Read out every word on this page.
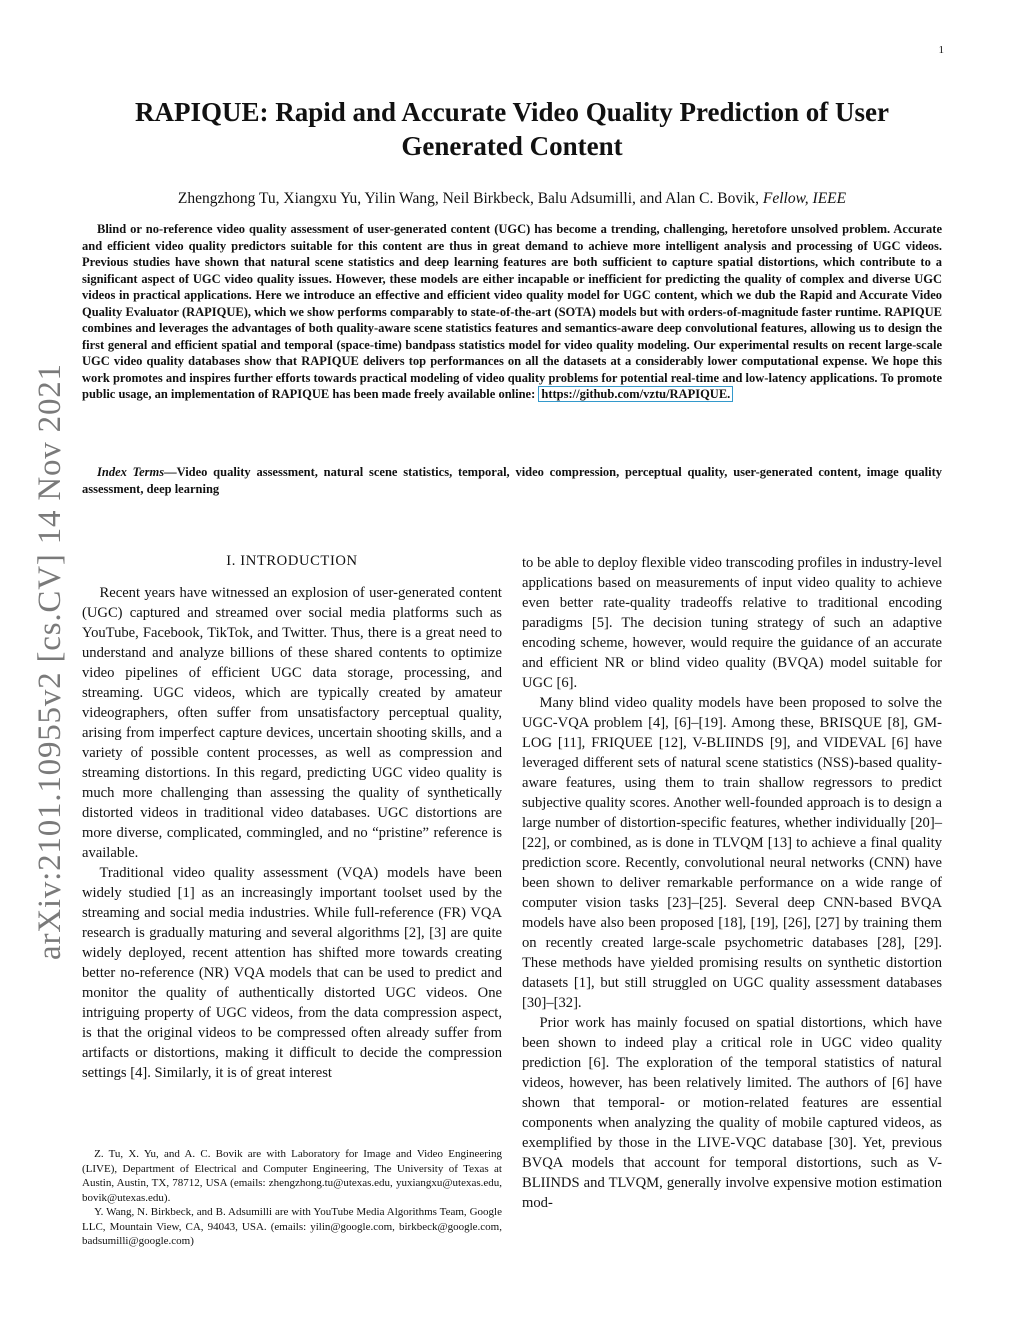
1
arXiv:2101.10955v2 [cs.CV] 14 Nov 2021
RAPIQUE: Rapid and Accurate Video Quality Prediction of User Generated Content
Zhengzhong Tu, Xiangxu Yu, Yilin Wang, Neil Birkbeck, Balu Adsumilli, and Alan C. Bovik, Fellow, IEEE
Blind or no-reference video quality assessment of user-generated content (UGC) has become a trending, challenging, heretofore unsolved problem. Accurate and efficient video quality predictors suitable for this content are thus in great demand to achieve more intelligent analysis and processing of UGC videos. Previous studies have shown that natural scene statistics and deep learning features are both sufficient to capture spatial distortions, which contribute to a significant aspect of UGC video quality issues. However, these models are either incapable or inefficient for predicting the quality of complex and diverse UGC videos in practical applications. Here we introduce an effective and efficient video quality model for UGC content, which we dub the Rapid and Accurate Video Quality Evaluator (RAPIQUE), which we show performs comparably to state-of-the-art (SOTA) models but with orders-of-magnitude faster runtime. RAPIQUE combines and leverages the advantages of both quality-aware scene statistics features and semantics-aware deep convolutional features, allowing us to design the first general and efficient spatial and temporal (space-time) bandpass statistics model for video quality modeling. Our experimental results on recent large-scale UGC video quality databases show that RAPIQUE delivers top performances on all the datasets at a considerably lower computational expense. We hope this work promotes and inspires further efforts towards practical modeling of video quality problems for potential real-time and low-latency applications. To promote public usage, an implementation of RAPIQUE has been made freely available online: https://github.com/vztu/RAPIQUE.
Index Terms—Video quality assessment, natural scene statistics, temporal, video compression, perceptual quality, user-generated content, image quality assessment, deep learning
I. INTRODUCTION

Recent years have witnessed an explosion of user-generated content (UGC) captured and streamed over social media platforms such as YouTube, Facebook, TikTok, and Twitter. Thus, there is a great need to understand and analyze billions of these shared contents to optimize video pipelines of efficient UGC data storage, processing, and streaming. UGC videos, which are typically created by amateur videographers, often suffer from unsatisfactory perceptual quality, arising from imperfect capture devices, uncertain shooting skills, and a variety of possible content processes, as well as compression and streaming distortions. In this regard, predicting UGC video quality is much more challenging than assessing the quality of synthetically distorted videos in traditional video databases. UGC distortions are more diverse, complicated, commingled, and no “pristine” reference is available.

Traditional video quality assessment (VQA) models have been widely studied [1] as an increasingly important toolset used by the streaming and social media industries. While full-reference (FR) VQA research is gradually maturing and several algorithms [2], [3] are quite widely deployed, recent attention has shifted more towards creating better no-reference (NR) VQA models that can be used to predict and monitor the quality of authentically distorted UGC videos. One intriguing property of UGC videos, from the data compression aspect, is that the original videos to be compressed often already suffer from artifacts or distortions, making it difficult to decide the compression settings [4]. Similarly, it is of great interest

Z. Tu, X. Yu, and A. C. Bovik are with Laboratory for Image and Video Engineering (LIVE), Department of Electrical and Computer Engineering, The University of Texas at Austin, Austin, TX, 78712, USA (emails: zhengzhong.tu@utexas.edu, yuxiangxu@utexas.edu, bovik@utexas.edu).

Y. Wang, N. Birkbeck, and B. Adsumilli are with YouTube Media Algorithms Team, Google LLC, Mountain View, CA, 94043, USA. (emails: yilin@google.com, birkbeck@google.com, badsumilli@google.com)

to be able to deploy flexible video transcoding profiles in industry-level applications based on measurements of input video quality to achieve even better rate-quality tradeoffs relative to traditional encoding paradigms [5]. The decision tuning strategy of such an adaptive encoding scheme, however, would require the guidance of an accurate and efficient NR or blind video quality (BVQA) model suitable for UGC [6].

Many blind video quality models have been proposed to solve the UGC-VQA problem [4], [6]–[19]. Among these, BRISQUE [8], GM-LOG [11], FRIQUEE [12], V-BLIINDS [9], and VIDEVAL [6] have leveraged different sets of natural scene statistics (NSS)-based quality-aware features, using them to train shallow regressors to predict subjective quality scores. Another well-founded approach is to design a large number of distortion-specific features, whether individually [20]–[22], or combined, as is done in TLVQM [13] to achieve a final quality prediction score. Recently, convolutional neural networks (CNN) have been shown to deliver remarkable performance on a wide range of computer vision tasks [23]–[25]. Several deep CNN-based BVQA models have also been proposed [18], [19], [26], [27] by training them on recently created large-scale psychometric databases [28], [29]. These methods have yielded promising results on synthetic distortion datasets [1], but still struggled on UGC quality assessment databases [30]–[32].

Prior work has mainly focused on spatial distortions, which have been shown to indeed play a critical role in UGC video quality prediction [6]. The exploration of the temporal statistics of natural videos, however, has been relatively limited. The authors of [6] have shown that temporal- or motion-related features are essential components when analyzing the quality of mobile captured videos, as exemplified by those in the LIVE-VQC database [30]. Yet, previous BVQA models that account for temporal distortions, such as V-BLIINDS and TLVQM, generally involve expensive motion estimation mod-
